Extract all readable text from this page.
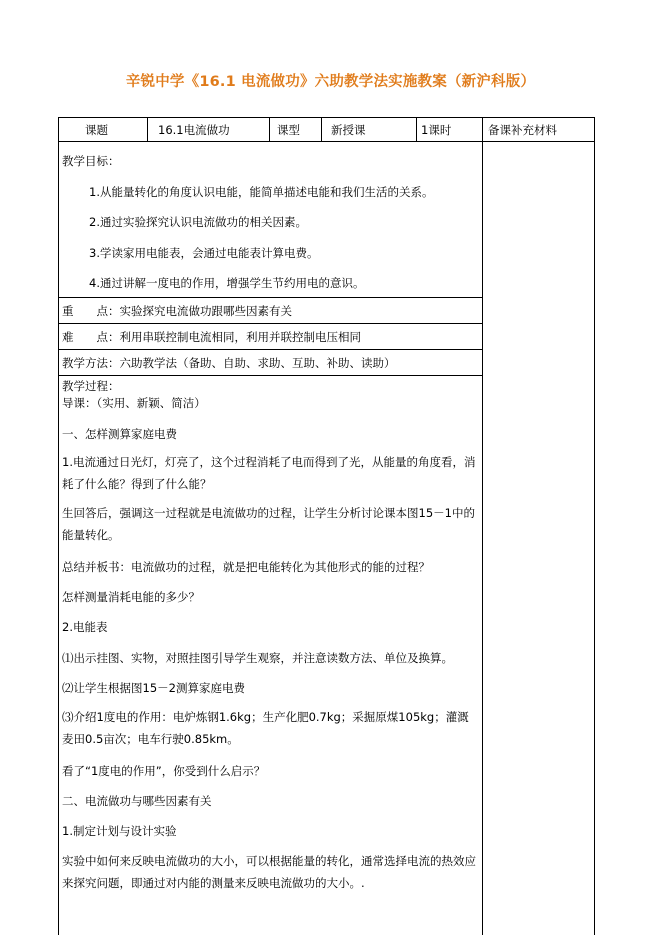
辛锐中学《16.1 电流做功》六助教学法实施教案（新沪科版）
课题	16.1电流做功	课型	新授课	1课时	备课补充材料
教学目标：
1.从能量转化的角度认识电能，能简单描述电能和我们生活的关系。
2.通过实验探究认识电流做功的相关因素。
3.学读家用电能表，会通过电能表计算电费。
4.通过讲解一度电的作用，增强学生节约用电的意识。
重　　点：实验探究电流做功跟哪些因素有关
难　　点：利用串联控制电流相同，利用并联控制电压相同
教学方法：六助教学法（备助、自助、求助、互助、补助、读助）
教学过程：
导课：（实用、新颖、简洁）
一、怎样测算家庭电费
1.电流通过日光灯，灯亮了，这个过程消耗了电而得到了光，从能量的角度看，消耗了什么能？得到了什么能？
生回答后，强调这一过程就是电流做功的过程，让学生分析讨论课本图15－1中的能量转化。
总结并板书：电流做功的过程，就是把电能转化为其他形式的能的过程？
怎样测量消耗电能的多少？
2.电能表
⑴出示挂图、实物，对照挂图引导学生观察，并注意读数方法、单位及换算。
⑵让学生根据图15－2测算家庭电费
⑶介绍1度电的作用：电炉炼钢1.6kg；生产化肥0.7kg；采掘原煤105kg；灌溉麦田0.5亩次；电车行驶0.85km。
看了“1度电的作用”，你受到什么启示？
二、电流做功与哪些因素有关
1.制定计划与设计实验
实验中如何来反映电流做功的大小，可以根据能量的转化，通常选择电流的热效应来探究问题，即通过对内能的测量来反映电流做功的大小。.
